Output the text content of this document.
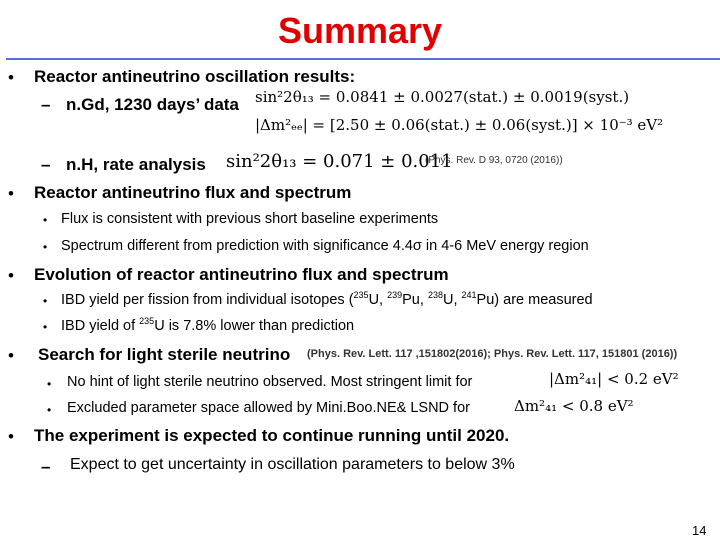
Summary
• Reactor antineutrino oscillation results:
– n.Gd, 1230 days’ data sin²2θ₁₃ = 0.0841 ± 0.0027(stat.) ± 0.0019(syst.)
|Δm²ₑₑ| = [2.50 ± 0.06(stat.) ± 0.06(syst.)] × 10⁻³ eV²
– n.H, rate analysis sin²2θ₁₃ = 0.071 ± 0.011
(Phys. Rev. D 93, 0720 (2016))
• Reactor antineutrino flux and spectrum
• Flux is consistent with previous short baseline experiments
• Spectrum different from prediction with significance 4.4σ in 4-6 MeV energy region
• Evolution of reactor antineutrino flux and spectrum
• IBD yield per fission from individual isotopes ($^{235}$U, $^{239}$Pu, $^{238}$U, $^{241}$Pu) are measured
• IBD yield of $^{235}$U is 7.8% lower than prediction
• Search for light sterile neutrino (Phys. Rev. Lett. 117 ,151802(2016); Phys. Rev. Lett. 117, 151801 (2016))
• No hint of light sterile neutrino observed. Most stringent limit for	|Δm²₄₁| < 0.2 eV²
• Excluded parameter space allowed by Mini.Boo.NE& LSND for	Δm²₄₁ < 0.8 eV²
• The experiment is expected to continue running until 2020.
– Expect to get uncertainty in oscillation parameters to below 3%
14
